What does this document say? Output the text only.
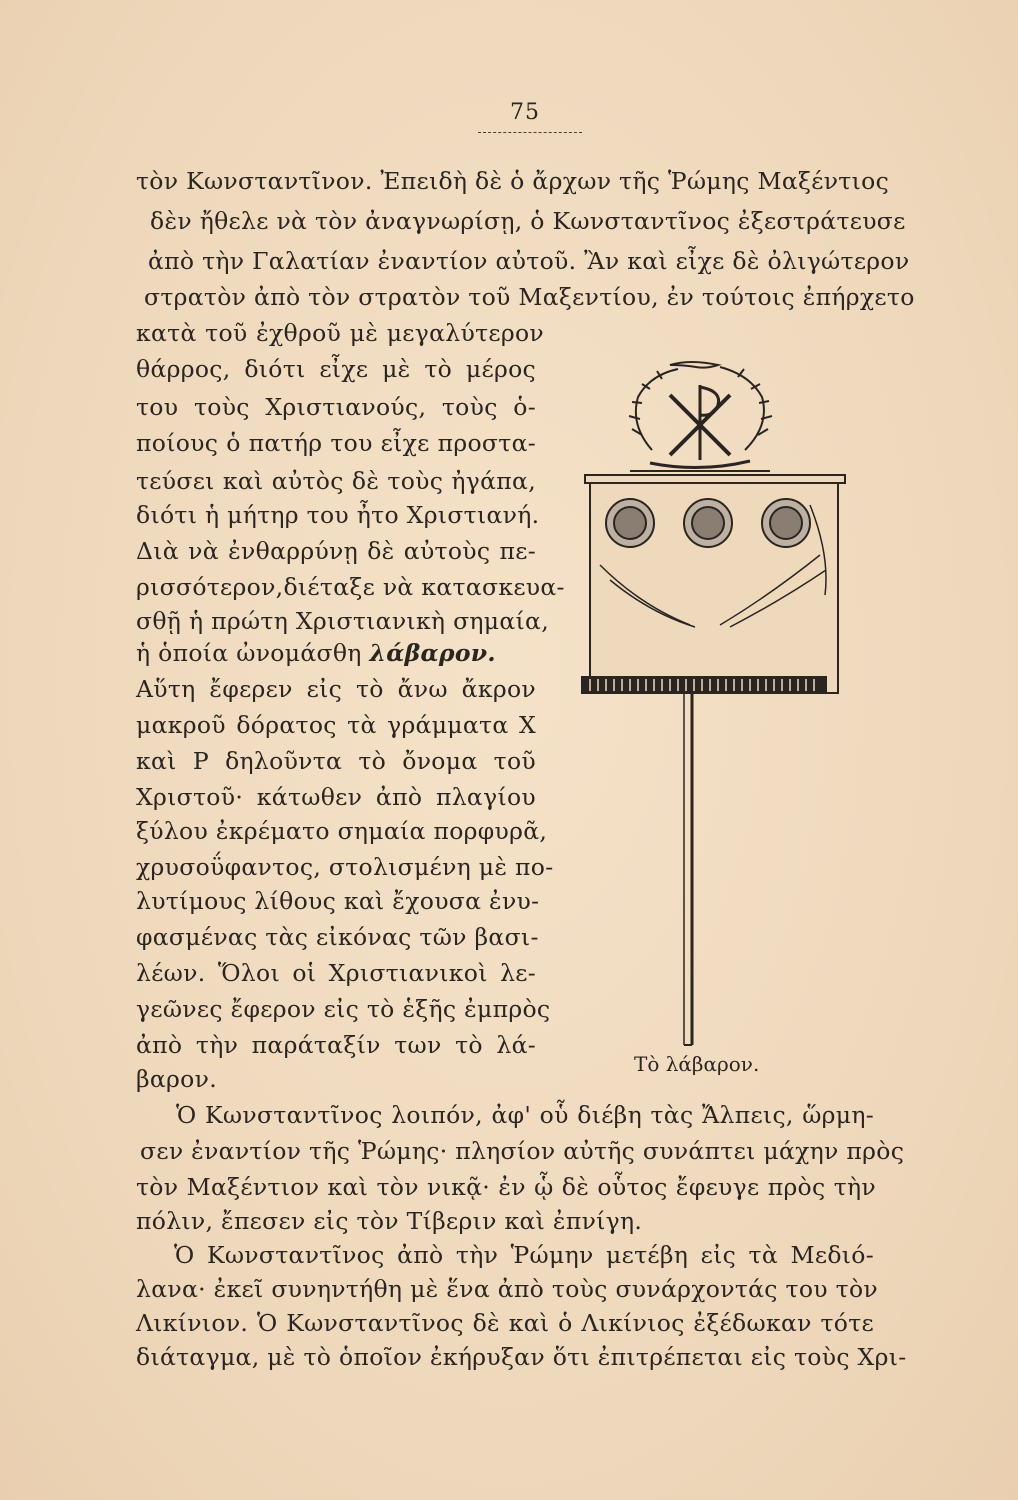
75
τὸν Κωνσταντῖνον. Ἐπειδὴ δὲ ὁ ἄρχων τῆς Ῥώμης Μαξέντιος
δὲν ἤθελε νὰ τὸν ἀναγνωρίσῃ, ὁ Κωνσταντῖνος ἐξεστράτευσε
ἀπὸ τὴν Γαλατίαν ἐναντίον αὐτοῦ. Ἂν καὶ εἶχε δὲ ὀλιγώτερον
στρατὸν ἀπὸ τὸν στρατὸν τοῦ Μαξεντίου, ἐν τούτοις ἐπήρχετο
κατὰ τοῦ ἐχθροῦ μὲ μεγαλύτερον
θάρρος, διότι εἶχε μὲ τὸ μέρος
του τοὺς Χριστιανούς, τοὺς ὁ-
ποίους ὁ πατήρ του εἶχε προστα-
τεύσει καὶ αὐτὸς δὲ τοὺς ἠγάπα,
διότι ἡ μήτηρ του ἦτο Χριστιανή.
Διὰ νὰ ἐνθαρρύνῃ δὲ αὐτοὺς πε-
ρισσότερον,διέταξε νὰ κατασκευα-
σθῇ ἡ πρώτη Χριστιανικὴ σημαία,
ἡ ὁποία ὠνομάσθη λάβαρον.
Αὕτη ἔφερεν εἰς τὸ ἄνω ἄκρον
μακροῦ δόρατος τὰ γράμματα Χ
καὶ Ρ δηλοῦντα τὸ ὄνομα τοῦ
Χριστοῦ· κάτωθεν ἀπὸ πλαγίου
ξύλου ἐκρέματο σημαία πορφυρᾶ,
χρυσοΰφαντος, στολισμένη μὲ πο-
λυτίμους λίθους καὶ ἔχουσα ἐνυ-
φασμένας τὰς εἰκόνας τῶν βασι-
λέων. Ὅλοι οἱ Χριστιανικοὶ λε-
γεῶνες ἔφερον εἰς τὸ ἑξῆς ἐμπρὸς
ἀπὸ τὴν παράταξίν των τὸ λά-
βαρον.
Τὸ λάβαρον.
Ὁ Κωνσταντῖνος λοιπόν, ἀφ' οὗ διέβη τὰς Ἄλπεις, ὥρμη-
σεν ἐναντίον τῆς Ῥώμης· πλησίον αὐτῆς συνάπτει μάχην πρὸς
τὸν Μαξέντιον καὶ τὸν νικᾷ· ἐν ᾧ δὲ οὗτος ἔφευγε πρὸς τὴν
πόλιν, ἔπεσεν εἰς τὸν Τίβεριν καὶ ἐπνίγη.
Ὁ Κωνσταντῖνος ἀπὸ τὴν Ῥώμην μετέβη εἰς τὰ Μεδιό-
λανα· ἐκεῖ συνηντήθη μὲ ἕνα ἀπὸ τοὺς συνάρχοντάς του τὸν
Λικίνιον. Ὁ Κωνσταντῖνος δὲ καὶ ὁ Λικίνιος ἐξέδωκαν τότε
διάταγμα, μὲ τὸ ὁποῖον ἐκήρυξαν ὅτι ἐπιτρέπεται εἰς τοὺς Χρι-
